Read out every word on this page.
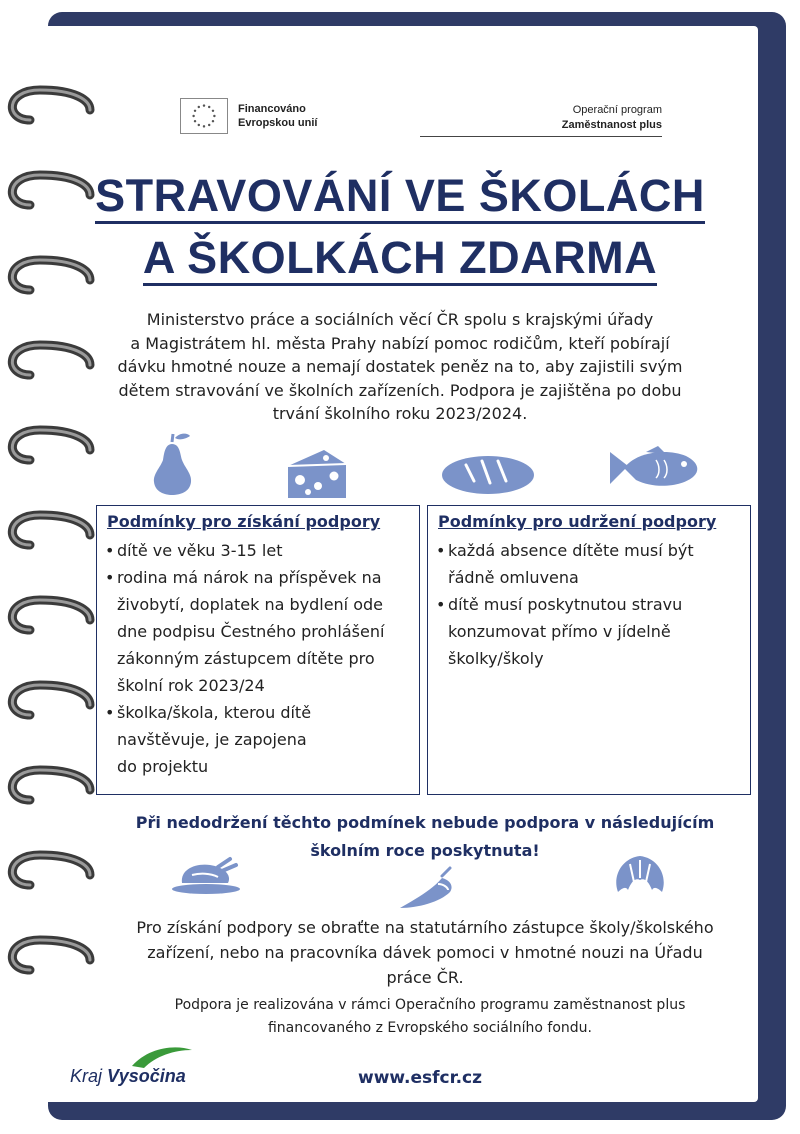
Financováno
Evropskou unií
Operační program
Zaměstnanost plus
STRAVOVÁNÍ VE ŠKOLÁCH
A ŠKOLKÁCH ZDARMA
Ministerstvo práce a sociálních věcí ČR spolu s krajskými úřady
a Magistrátem hl. města Prahy nabízí pomoc rodičům, kteří pobírají
dávku hmotné nouze a nemají dostatek peněz na to, aby zajistili svým
dětem stravování ve školních zařízeních. Podpora je zajištěna po dobu
trvání školního roku 2023/2024.
Podmínky pro získání podpory
• dítě ve věku 3-15 let
• rodina má nárok na příspěvek na
živobytí, doplatek na bydlení ode
dne podpisu Čestného prohlášení
zákonným zástupcem dítěte pro
školní rok 2023/24
• školka/škola, kterou dítě
navštěvuje, je zapojena
do projektu
Podmínky pro udržení podpory
• každá absence dítěte musí být
řádně omluvena
• dítě musí poskytnutou stravu
konzumovat přímo v jídelně
školky/školy
Při nedodržení těchto podmínek nebude podpora v následujícím
školním roce poskytnuta!
Pro získání podpory se obraťte na statutárního zástupce školy/školského
zařízení, nebo na pracovníka dávek pomoci v hmotné nouzi na Úřadu
práce ČR.
Podpora je realizována v rámci Operačního programu zaměstnanost plus
financovaného z Evropského sociálního fondu.
Kraj Vysočina	www.esfcr.cz
